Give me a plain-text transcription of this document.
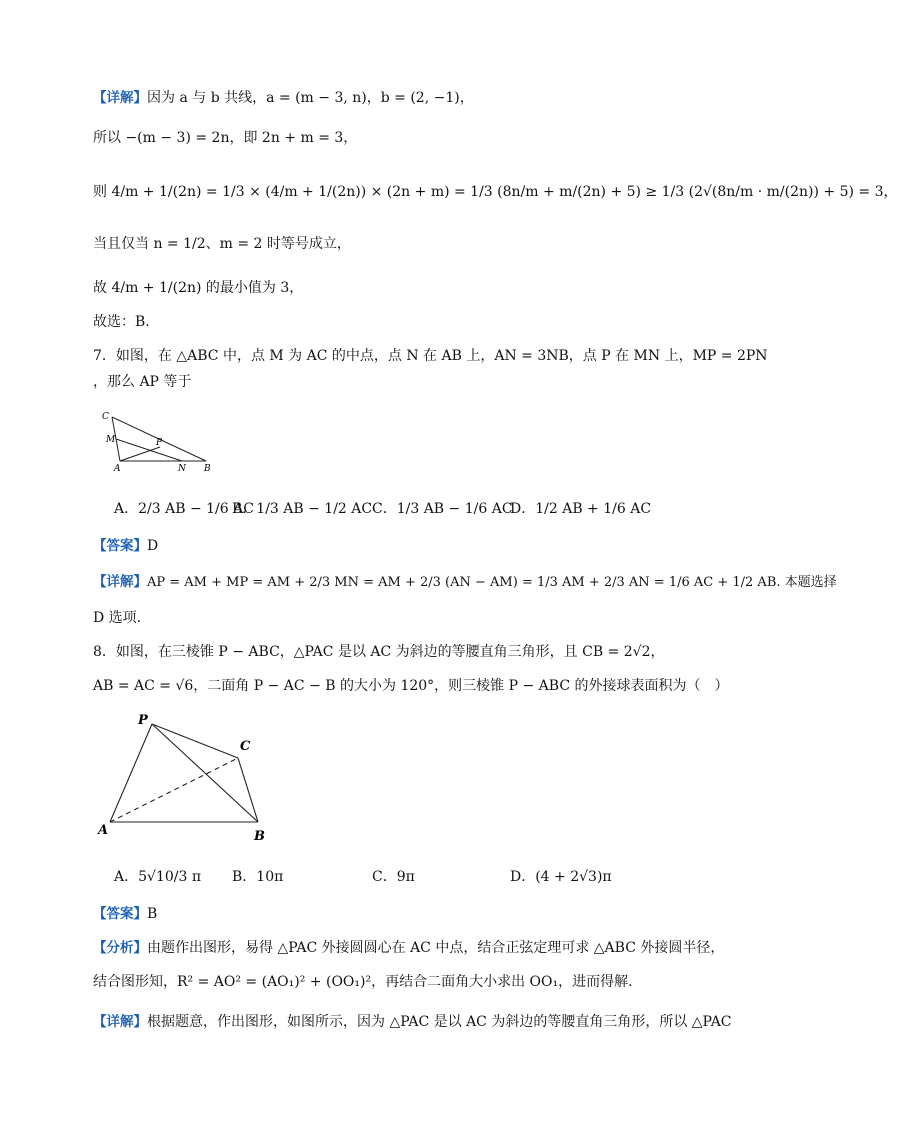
【详解】因为 a 与 b 共线，a = (m − 3, n)，b = (2, −1)，
所以 −(m − 3) = 2n，即 2n + m = 3，
则 4/m + 1/(2n) = 1/3 × (4/m + 1/(2n)) × (2n + m) = 1/3 (8n/m + m/(2n) + 5) ≥ 1/3 (2√(8n/m · m/(2n)) + 5) = 3，
当且仅当 n = 1/2、m = 2 时等号成立，
故 4/m + 1/(2n) 的最小值为 3，
故选：B.
7．如图，在 △ABC 中，点 M 为 AC 的中点，点 N 在 AB 上，AN = 3NB，点 P 在 MN 上，MP = 2PN
，那么 AP 等于
C
M	P
A	N B
A．2/3 AB − 1/6 AC
B．1/3 AB − 1/2 AC C．1/3 AB − 1/6 AC
D．1/2 AB + 1/6 AC
【答案】D
【详解】AP = AM + MP = AM + 2/3 MN = AM + 2/3 (AN − AM) = 1/3 AM + 2/3 AN = 1/6 AC + 1/2 AB. 本题选择
D 选项.
8．如图，在三棱锥 P − ABC，△PAC 是以 AC 为斜边的等腰直角三角形，且 CB = 2√2，
AB = AC = √6，二面角 P − AC − B 的大小为 120°，则三棱锥 P − ABC 的外接球表面积为（　）
P
C
A	B
A．5√10/3 π B．10π	C．9π	D．(4 + 2√3)π
【答案】B
【分析】由题作出图形，易得 △PAC 外接圆圆心在 AC 中点，结合正弦定理可求 △ABC 外接圆半径，
结合图形知，R² = AO² = (AO₁)² + (OO₁)²，再结合二面角大小求出 OO₁，进而得解.
【详解】根据题意，作出图形，如图所示，因为 △PAC 是以 AC 为斜边的等腰直角三角形，所以 △PAC
